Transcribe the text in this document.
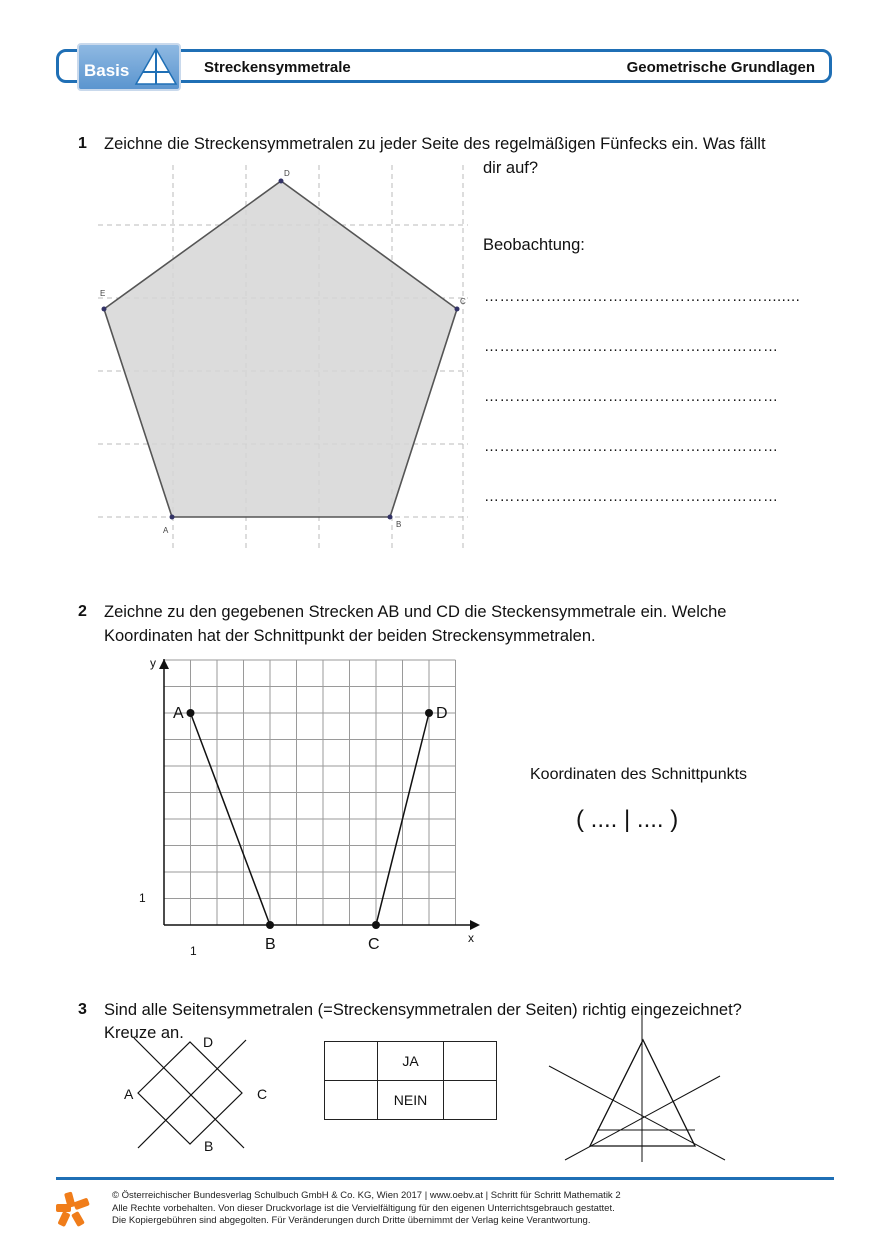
Basis	Streckensymmetrale	Geometrische Grundlagen
1 Zeichne die Streckensymmetralen zu jeder Seite des regelmäßigen Fünfecks ein. Was fällt
dir auf?
A
B
C
D
E
Beobachtung:
………………………………………………........
…………………………………………………
…………………………………………………
…………………………………………………
…………………………………………………
2 Zeichne zu den gegebenen Strecken AB und CD die Steckensymmetrale ein. Welche
Koordinaten hat der Schnittpunkt der beiden Streckensymmetralen.
x
y
1
1
A
B	C
D
Koordinaten des Schnittpunkts
( .... | .... )
3 Sind alle Seitensymmetralen (=Streckensymmetralen der Seiten) richtig eingezeichnet?
Kreuze an.
A
B
C
D
	JA	
	NEIN	
© Österreichischer Bundesverlag Schulbuch GmbH & Co. KG, Wien 2017 | www.oebv.at | Schritt für Schritt Mathematik 2
Alle Rechte vorbehalten. Von dieser Druckvorlage ist die Vervielfältigung für den eigenen Unterrichtsgebrauch gestattet.
Die Kopiergebühren sind abgegolten. Für Veränderungen durch Dritte übernimmt der Verlag keine Verantwortung.
